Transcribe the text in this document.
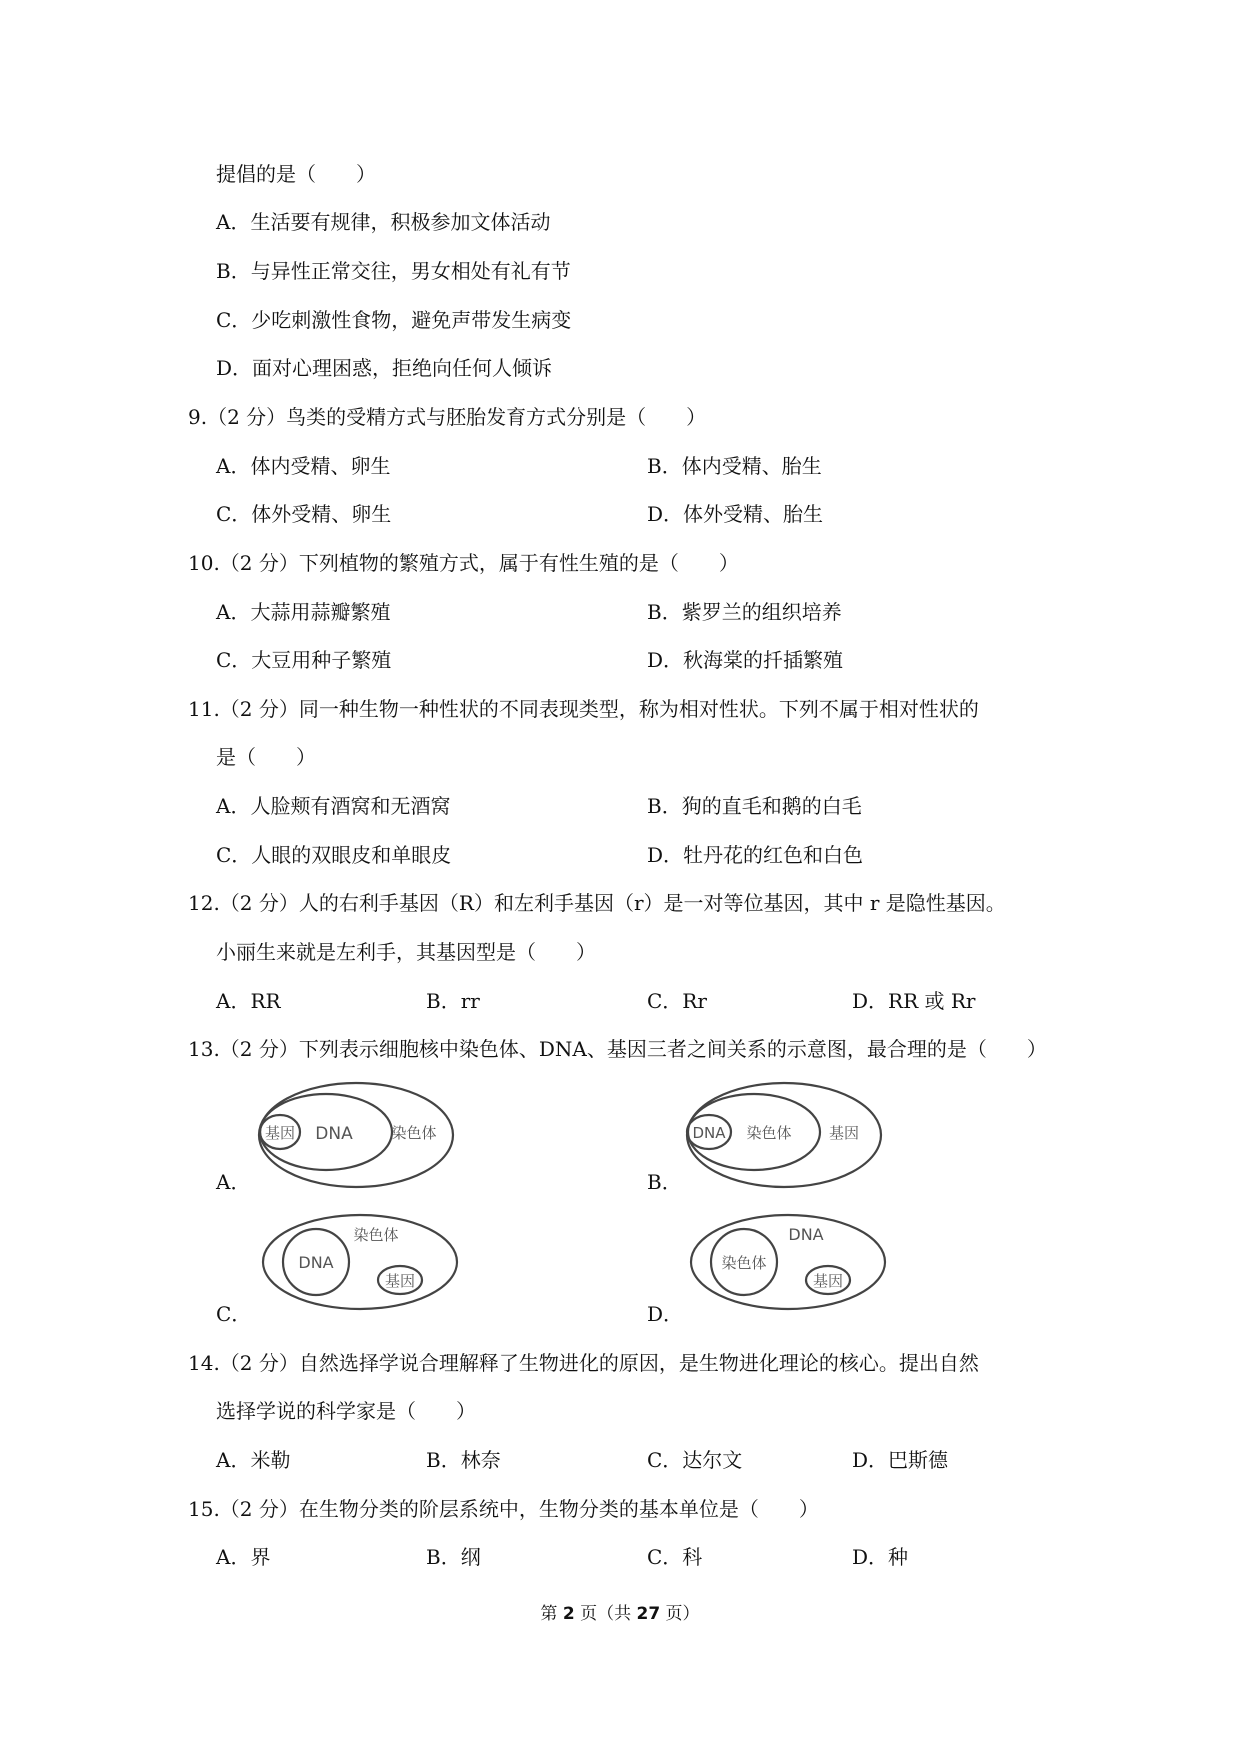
提倡的是（　　）
A．生活要有规律，积极参加文体活动
B．与异性正常交往，男女相处有礼有节
C．少吃刺激性食物，避免声带发生病变
D．面对心理困惑，拒绝向任何人倾诉
9.（2 分）鸟类的受精方式与胚胎发育方式分别是（　　）
A．体内受精、卵生	B．体内受精、胎生
C．体外受精、卵生	D．体外受精、胎生
10.（2 分）下列植物的繁殖方式，属于有性生殖的是（　　）
A．大蒜用蒜瓣繁殖	B．紫罗兰的组织培养
C．大豆用种子繁殖	D．秋海棠的扦插繁殖
11.（2 分）同一种生物一种性状的不同表现类型，称为相对性状。下列不属于相对性状的
是（　　）
A．人脸颊有酒窝和无酒窝	B．狗的直毛和鹅的白毛
C．人眼的双眼皮和单眼皮	D．牡丹花的红色和白色
12.（2 分）人的右利手基因（R）和左利手基因（r）是一对等位基因，其中 r 是隐性基因。
小丽生来就是左利手，其基因型是（　　）
A．RR	B．rr	C．Rr	D．RR 或 Rr
13.（2 分）下列表示细胞核中染色体、DNA、基因三者之间关系的示意图，最合理的是（　　）
基因 DNA	染色体
A．
DNA 染色体 基因
B．
DNA
染色体
基因
C．
染色体
DNA
基因
D．
14.（2 分）自然选择学说合理解释了生物进化的原因，是生物进化理论的核心。提出自然
选择学说的科学家是（　　）
A．米勒	B．林奈	C．达尔文	D．巴斯德
15.（2 分）在生物分类的阶层系统中，生物分类的基本单位是（　　）
A．界	B．纲	C．科	D．种
第 2 页（共 27 页）
